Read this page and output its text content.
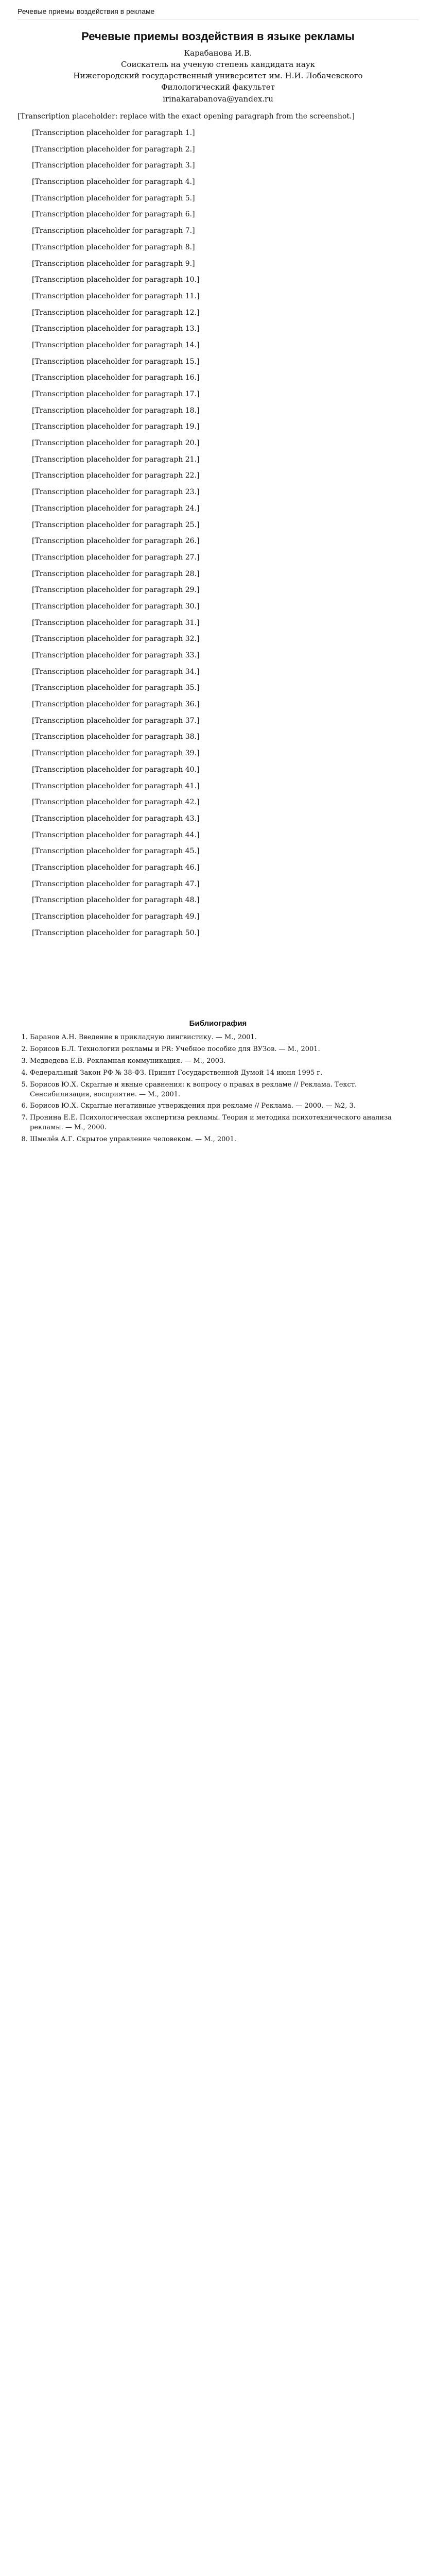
Речевые приемы воздействия в рекламе
Речевые приемы воздействия в языке рекламы
Карабанова И.В.
Соискатель на ученую степень кандидата наук
Нижегородский государственный университет им. Н.И. Лобачевского
Филологический факультет
irinakarabanova@yandex.ru

[Transcription placeholder: replace with the exact opening paragraph from the screenshot.]

[Transcription placeholder for paragraph 1.]

[Transcription placeholder for paragraph 2.]

[Transcription placeholder for paragraph 3.]

[Transcription placeholder for paragraph 4.]

[Transcription placeholder for paragraph 5.]

[Transcription placeholder for paragraph 6.]

[Transcription placeholder for paragraph 7.]

[Transcription placeholder for paragraph 8.]

[Transcription placeholder for paragraph 9.]

[Transcription placeholder for paragraph 10.]

[Transcription placeholder for paragraph 11.]

[Transcription placeholder for paragraph 12.]

[Transcription placeholder for paragraph 13.]

[Transcription placeholder for paragraph 14.]

[Transcription placeholder for paragraph 15.]

[Transcription placeholder for paragraph 16.]

[Transcription placeholder for paragraph 17.]

[Transcription placeholder for paragraph 18.]

[Transcription placeholder for paragraph 19.]

[Transcription placeholder for paragraph 20.]

[Transcription placeholder for paragraph 21.]

[Transcription placeholder for paragraph 22.]

[Transcription placeholder for paragraph 23.]

[Transcription placeholder for paragraph 24.]

[Transcription placeholder for paragraph 25.]

[Transcription placeholder for paragraph 26.]

[Transcription placeholder for paragraph 27.]

[Transcription placeholder for paragraph 28.]

[Transcription placeholder for paragraph 29.]

[Transcription placeholder for paragraph 30.]

[Transcription placeholder for paragraph 31.]

[Transcription placeholder for paragraph 32.]

[Transcription placeholder for paragraph 33.]

[Transcription placeholder for paragraph 34.]

[Transcription placeholder for paragraph 35.]

[Transcription placeholder for paragraph 36.]

[Transcription placeholder for paragraph 37.]

[Transcription placeholder for paragraph 38.]

[Transcription placeholder for paragraph 39.]

[Transcription placeholder for paragraph 40.]

[Transcription placeholder for paragraph 41.]

[Transcription placeholder for paragraph 42.]

[Transcription placeholder for paragraph 43.]

[Transcription placeholder for paragraph 44.]

[Transcription placeholder for paragraph 45.]

[Transcription placeholder for paragraph 46.]

[Transcription placeholder for paragraph 47.]

[Transcription placeholder for paragraph 48.]

[Transcription placeholder for paragraph 49.]

[Transcription placeholder for paragraph 50.]

Библиография
1. Баранов А.Н. Введение в прикладную лингвистику. — М., 2001.
2. Борисов Б.Л. Технологии рекламы и PR: Учебное пособие для ВУЗов. — М., 2001.
3. Медведева Е.В. Рекламная коммуникация. — М., 2003.
4. Федеральный Закон РФ № 38-ФЗ. Принят Государственной Думой 14 июня 1995 г.
5. Борисов Ю.Х. Скрытые и явные сравнения: к вопросу о правах в рекламе // Реклама. Текст. Сенсибилизация, восприятие. — М., 2001.
6. Борисов Ю.Х. Скрытые негативные утверждения при рекламе // Реклама. — 2000. — №2, 3.
7. Пронина Е.Е. Психологическая экспертиза рекламы. Теория и методика психотехнического анализа рекламы. — М., 2000.
8. Шмелёв А.Г. Скрытое управление человеком. — М., 2001.
